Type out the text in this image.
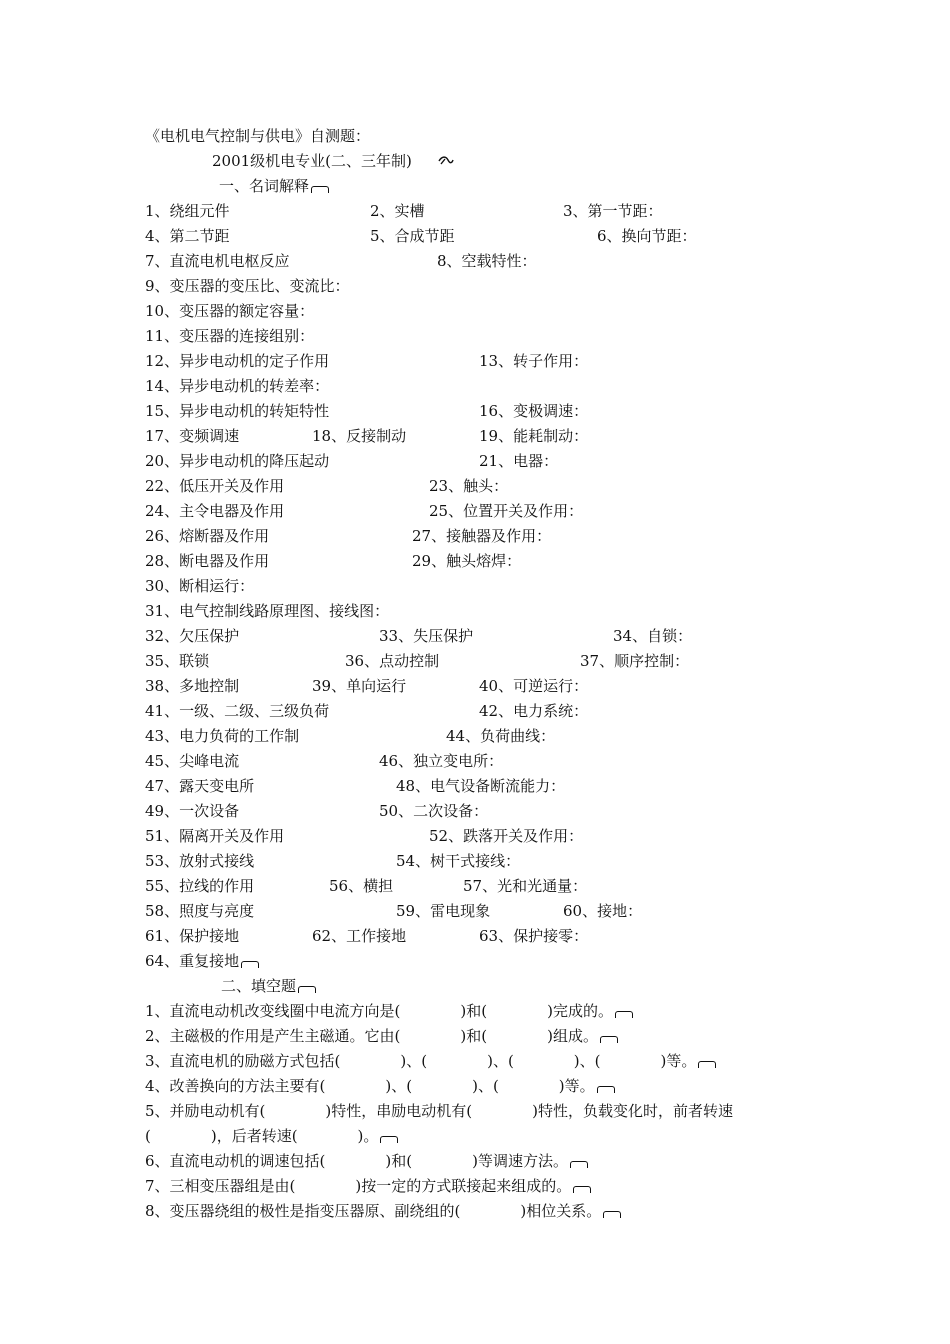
《电机电气控制与供电》自测题：
2001级机电专业(二、三年制)
一、名词解释
1、绕组元件	2、实槽	3、第一节距：
4、第二节距	5、合成节距	6、换向节距：
7、直流电机电枢反应	8、空载特性：
9、变压器的变压比、变流比：
10、变压器的额定容量：
11、变压器的连接组别：
12、异步电动机的定子作用	13、转子作用：
14、异步电动机的转差率：
15、异步电动机的转矩特性	16、变极调速：
17、变频调速	18、反接制动	19、能耗制动：
20、异步电动机的降压起动	21、电器：
22、低压开关及作用	23、触头：
24、主令电器及作用	25、位置开关及作用：
26、熔断器及作用	27、接触器及作用：
28、断电器及作用	29、触头熔焊：
30、断相运行：
31、电气控制线路原理图、接线图：
32、欠压保护	33、失压保护	34、自锁：
35、联锁	36、点动控制	37、顺序控制：
38、多地控制	39、单向运行	40、可逆运行：
41、一级、二级、三级负荷	42、电力系统：
43、电力负荷的工作制	44、负荷曲线：
45、尖峰电流	46、独立变电所：
47、露天变电所	48、电气设备断流能力：
49、一次设备	50、二次设备：
51、隔离开关及作用	52、跌落开关及作用：
53、放射式接线	54、树干式接线：
55、拉线的作用	56、横担	57、光和光通量：
58、照度与亮度	59、雷电现象	60、接地：
61、保护接地	62、工作接地	63、保护接零：
64、重复接地
二、填空题
1、直流电动机改变线圈中电流方向是(　　　　)和(　　　　)完成的。
2、主磁极的作用是产生主磁通。它由(　　　　)和(　　　　)组成。
3、直流电机的励磁方式包括(　　　　)、(　　　　)、(　　　　)、(　　　　)等。
4、改善换向的方法主要有(　　　　)、(　　　　)、(　　　　)等。
5、并励电动机有(　　　　)特性，串励电动机有(　　　　)特性，负载变化时，前者转速
(　　　　)，后者转速(　　　　)。
6、直流电动机的调速包括(　　　　)和(　　　　)等调速方法。
7、三相变压器组是由(　　　　)按一定的方式联接起来组成的。
8、变压器绕组的极性是指变压器原、副绕组的(　　　　)相位关系。
